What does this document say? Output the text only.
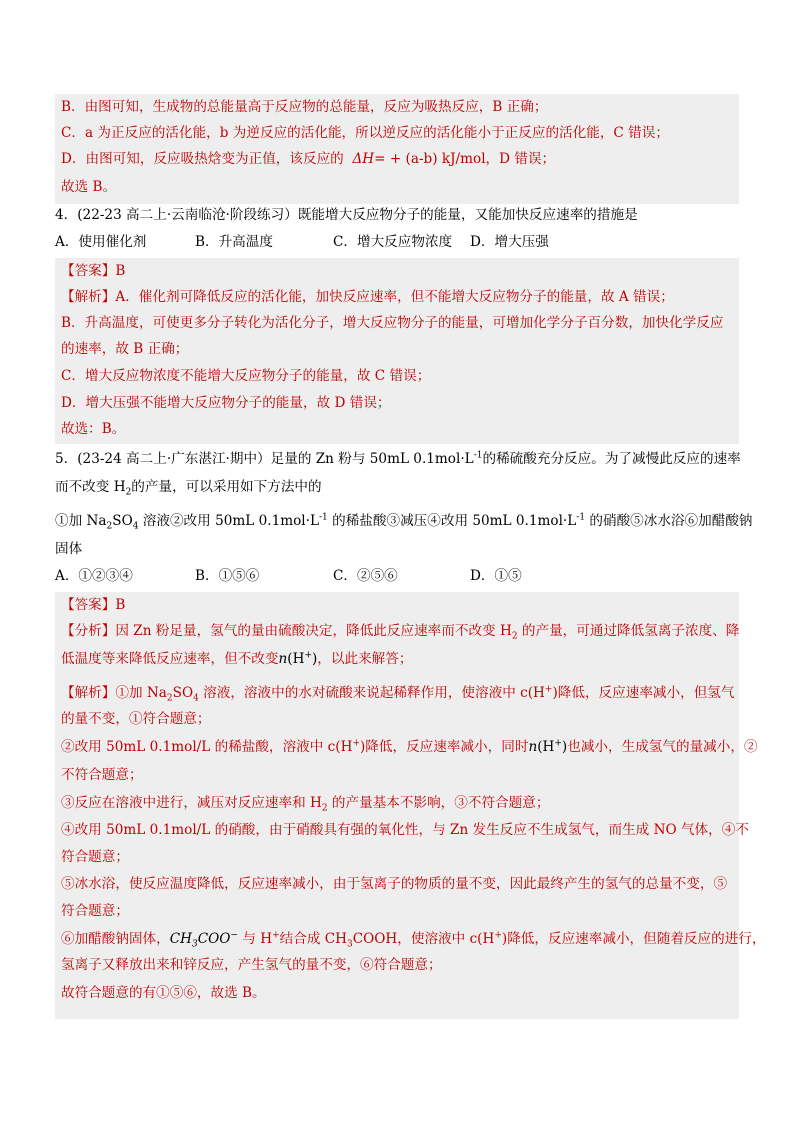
B．由图可知，生成物的总能量高于反应物的总能量，反应为吸热反应，B 正确；
C．a 为正反应的活化能，b 为逆反应的活化能，所以逆反应的活化能小于正反应的活化能，C 错误；
D．由图可知，反应吸热焓变为正值，该反应的 ΔH= + (a-b) kJ/mol，D 错误；
故选 B。
4．(22-23 高二上·云南临沧·阶段练习）既能增大反应物分子的能量，又能加快反应速率的措施是
A．使用催化剂	B．升高温度	C．增大反应物浓度 D．增大压强
【答案】B
【解析】A．催化剂可降低反应的活化能，加快反应速率，但不能增大反应物分子的能量，故 A 错误；
B．升高温度，可使更多分子转化为活化分子，增大反应物分子的能量，可增加化学分子百分数，加快化学反应
的速率，故 B 正确；
C．增大反应物浓度不能增大反应物分子的能量，故 C 错误；
D．增大压强不能增大反应物分子的能量，故 D 错误；
故选：B。
5．(23-24 高二上·广东湛江·期中）足量的 Zn 粉与 50mL $0.1mol\cdot L^{-1}$的稀硫酸充分反应。为了减慢此反应的速率
而不改变 $H_2$的产量，可以采用如下方法中的
①加 $Na_2SO_4$ 溶液②改用 50mL $0.1mol\cdot L^{-1}$ 的稀盐酸③减压④改用 50mL $0.1mol\cdot L^{-1}$ 的硝酸⑤冰水浴⑥加醋酸钠
固体
A．①②③④	B．①⑤⑥	C．②⑤⑥	D．①⑤
【答案】B
【分析】因 Zn 粉足量，氢气的量由硫酸决定，降低此反应速率而不改变 $H_2$ 的产量，可通过降低氢离子浓度、降
低温度等来降低反应速率，但不改变n(H+)，以此来解答；
【解析】①加 $Na_2SO_4$ 溶液，溶液中的水对硫酸来说起稀释作用，使溶液中 c(H+)降低，反应速率减小，但氢气
的量不变，①符合题意；
②改用 50mL 0.1mol/L 的稀盐酸，溶液中 c(H+)降低，反应速率减小，同时n(H+)也减小，生成氢气的量减小，②
不符合题意；
③反应在溶液中进行，减压对反应速率和 $H_2$ 的产量基本不影响，③不符合题意；
④改用 50mL 0.1mol/L 的硝酸，由于硝酸具有强的氧化性，与 Zn 发生反应不生成氢气，而生成 NO 气体，④不
符合题意；
⑤冰水浴，使反应温度降低，反应速率减小，由于氢离子的物质的量不变，因此最终产生的氢气的总量不变，⑤
符合题意；
⑥加醋酸钠固体，$CH_3COO^-$ 与 H+结合成 $CH_3COOH$，使溶液中 c(H+)降低，反应速率减小，但随着反应的进行，
氢离子又释放出来和锌反应，产生氢气的量不变，⑥符合题意；
故符合题意的有①⑤⑥，故选 B。
